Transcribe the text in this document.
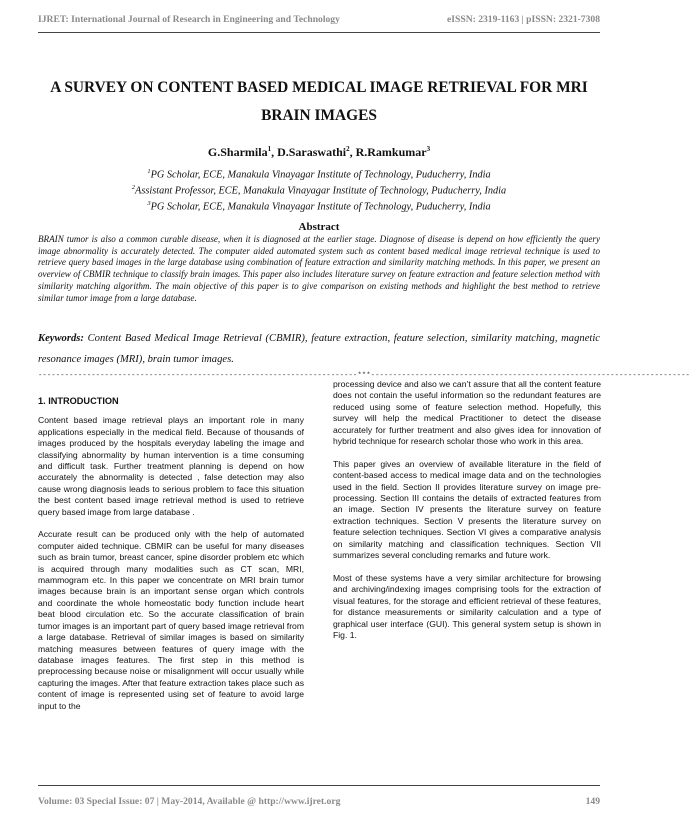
IJRET: International Journal of Research in Engineering and Technology	eISSN: 2319-1163 | pISSN: 2321-7308
A SURVEY ON CONTENT BASED MEDICAL IMAGE RETRIEVAL FOR MRI BRAIN IMAGES
G.Sharmila$^1$, D.Saraswathi$^2$, R.Ramkumar$^3$
$^1$PG Scholar, ECE, Manakula Vinayagar Institute of Technology, Puducherry, India
$^2$Assistant Professor, ECE, Manakula Vinayagar Institute of Technology, Puducherry, India
$^3$PG Scholar, ECE, Manakula Vinayagar Institute of Technology, Puducherry, India
Abstract
BRAIN tumor is also a common curable disease, when it is diagnosed at the earlier stage. Diagnose of disease is depend on how efficiently the query image abnormality is accurately detected. The computer aided automated system such as content based medical image retrieval technique is used to retrieve query based images in the large database using combination of feature extraction and similarity matching methods. In this paper, we present an overview of CBMIR technique to classify brain images. This paper also includes literature survey on feature extraction and feature selection method with similarity matching algorithm. The main objective of this paper is to give comparison on existing methods and highlight the best method to retrieve similar tumor image from a large database.
Keywords: Content Based Medical Image Retrieval (CBMIR), feature extraction, feature selection, similarity matching, magnetic resonance images (MRI), brain tumor images.
------------------------------------------------------------------------***------------------------------------------------------------------------
1. INTRODUCTION

Content based image retrieval plays an important role in many applications especially in the medical field. Because of thousands of images produced by the hospitals everyday labeling the image and classifying abnormality by human intervention is a time consuming and difficult task. Further treatment planning is depend on how accurately the abnormality is detected , false detection may also cause wrong diagnosis leads to serious problem to face this situation the best content based image retrieval method is used to retrieve query based image from large database .

Accurate result can be produced only with the help of automated computer aided technique. CBMIR can be useful for many diseases such as brain tumor, breast cancer, spine disorder problem etc which is acquired through many modalities such as CT scan, MRI, mammogram etc. In this paper we concentrate on MRI brain tumor images because brain is an important sense organ which controls and coordinate the whole homeostatic body function include heart beat blood circulation etc. So the accurate classification of brain tumor images is an important part of query based image retrieval from a large database. Retrieval of similar images is based on similarity matching measures between features of query image with the database images features. The first step in this method is preprocessing because noise or misalignment will occur usually while capturing the images. After that feature extraction takes place such as content of image is represented using set of feature to avoid large input to the

processing device and also we can’t assure that all the content feature does not contain the useful information so the redundant features are reduced using some of feature selection method. Hopefully, this survey will help the medical Practitioner to detect the disease accurately for further treatment and also gives idea for innovation of hybrid technique for research scholar those who work in this area.

This paper gives an overview of available literature in the field of content-based access to medical image data and on the technologies used in the field. Section II provides literature survey on image pre-processing. Section III contains the details of extracted features from an image. Section IV presents the literature survey on feature extraction techniques. Section V presents the literature survey on feature selection techniques. Section VI gives a comparative analysis on similarity matching and classification techniques. Section VII summarizes several concluding remarks and future work.

Most of these systems have a very similar architecture for browsing and archiving/indexing images comprising tools for the extraction of visual features, for the storage and efficient retrieval of these features, for distance measurements or similarity calculation and a type of graphical user interface (GUI). This general system setup is shown in Fig. 1.

Volume: 03 Special Issue: 07 | May-2014, Available @ http://www.ijret.org	149
